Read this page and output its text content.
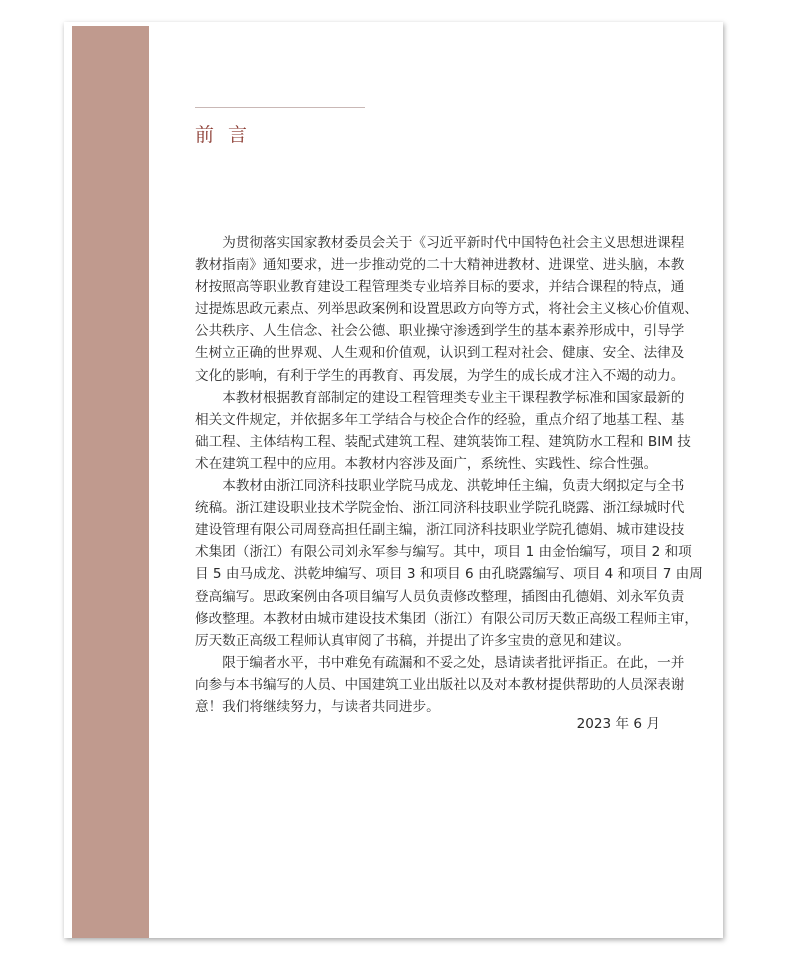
前言
为贯彻落实国家教材委员会关于《习近平新时代中国特色社会主义思想进课程
教材指南》通知要求，进一步推动党的二十大精神进教材、进课堂、进头脑，本教
材按照高等职业教育建设工程管理类专业培养目标的要求，并结合课程的特点，通
过提炼思政元素点、列举思政案例和设置思政方向等方式，将社会主义核心价值观、
公共秩序、人生信念、社会公德、职业操守渗透到学生的基本素养形成中，引导学
生树立正确的世界观、人生观和价值观，认识到工程对社会、健康、安全、法律及
文化的影响，有利于学生的再教育、再发展，为学生的成长成才注入不竭的动力。
本教材根据教育部制定的建设工程管理类专业主干课程教学标准和国家最新的
相关文件规定，并依据多年工学结合与校企合作的经验，重点介绍了地基工程、基
础工程、主体结构工程、装配式建筑工程、建筑装饰工程、建筑防水工程和 BIM 技
术在建筑工程中的应用。本教材内容涉及面广，系统性、实践性、综合性强。
本教材由浙江同济科技职业学院马成龙、洪乾坤任主编，负责大纲拟定与全书
统稿。浙江建设职业技术学院金怡、浙江同济科技职业学院孔晓露、浙江绿城时代
建设管理有限公司周登高担任副主编，浙江同济科技职业学院孔德娟、城市建设技
术集团（浙江）有限公司刘永军参与编写。其中，项目 1 由金怡编写，项目 2 和项
目 5 由马成龙、洪乾坤编写、项目 3 和项目 6 由孔晓露编写、项目 4 和项目 7 由周
登高编写。思政案例由各项目编写人员负责修改整理，插图由孔德娟、刘永军负责
修改整理。本教材由城市建设技术集团（浙江）有限公司厉天数正高级工程师主审，
厉天数正高级工程师认真审阅了书稿，并提出了许多宝贵的意见和建议。
限于编者水平，书中难免有疏漏和不妥之处，恳请读者批评指正。在此，一并
向参与本书编写的人员、中国建筑工业出版社以及对本教材提供帮助的人员深表谢
意！我们将继续努力，与读者共同进步。
2023 年 6 月
